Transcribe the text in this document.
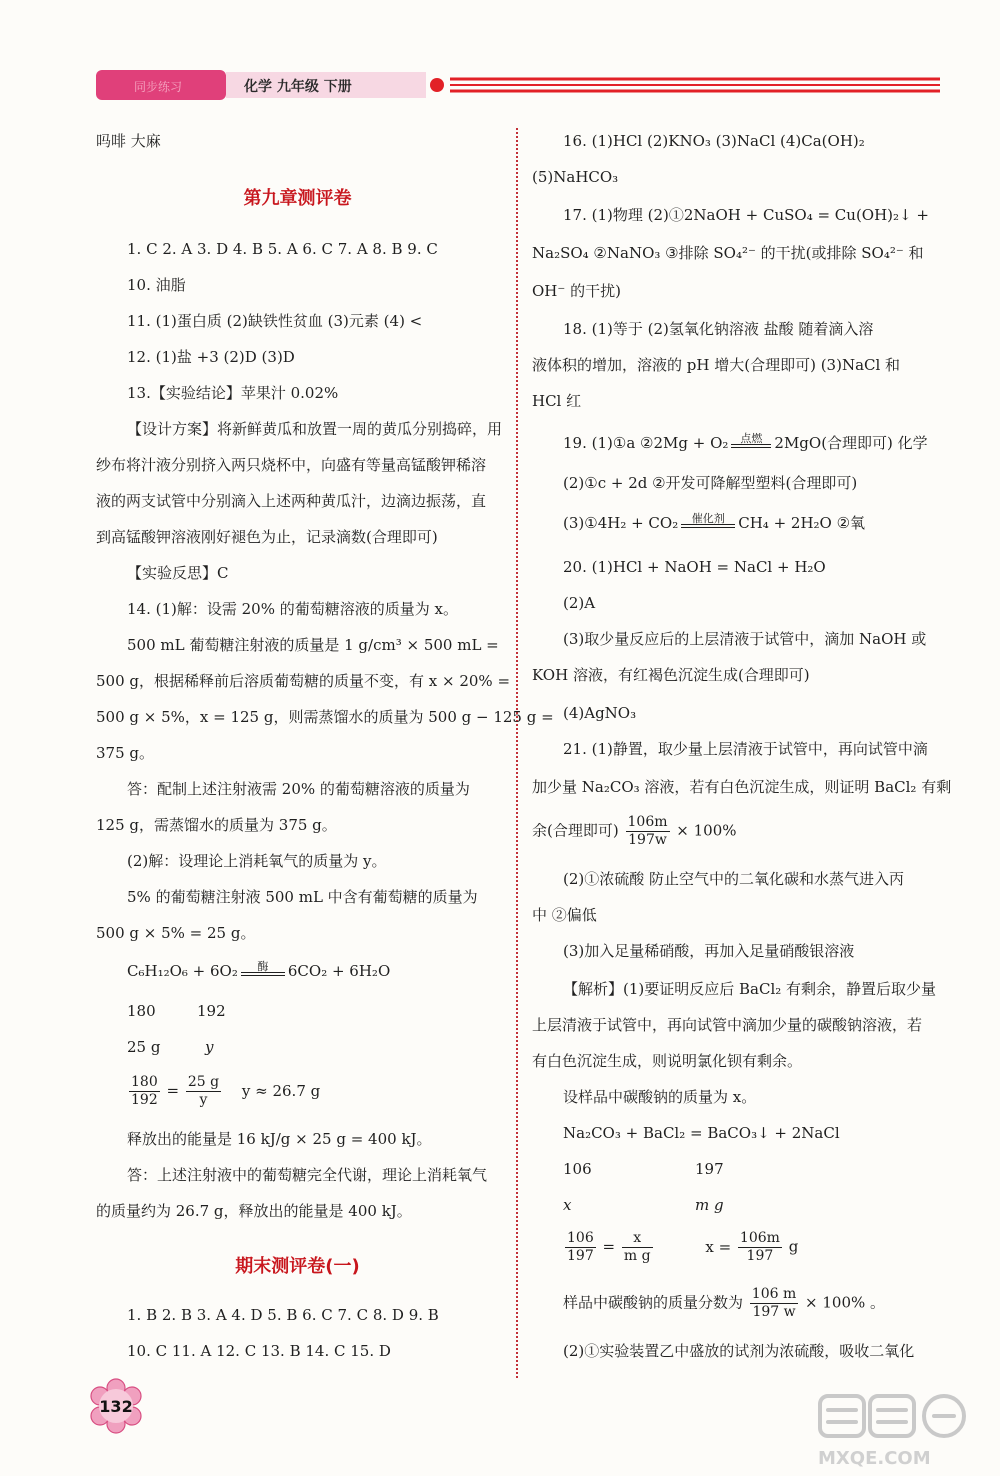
同步练习	化学 九年级 下册
吗啡 大麻
第九章测评卷
1. C 2. A 3. D 4. B 5. A 6. C 7. A 8. B 9. C
10. 油脂
11. (1)蛋白质 (2)缺铁性贫血 (3)元素 (4) <
12. (1)盐 +3 (2)D (3)D
13.【实验结论】苹果汁 0.02%
【设计方案】将新鲜黄瓜和放置一周的黄瓜分别捣碎，用
纱布将汁液分别挤入两只烧杯中，向盛有等量高锰酸钾稀溶
液的两支试管中分别滴入上述两种黄瓜汁，边滴边振荡，直
到高锰酸钾溶液刚好褪色为止，记录滴数(合理即可)
【实验反思】C
14. (1)解：设需 20% 的葡萄糖溶液的质量为 x。
500 mL 葡萄糖注射液的质量是 1 g/cm³ × 500 mL =
500 g，根据稀释前后溶质葡萄糖的质量不变，有 x × 20% =
500 g × 5%，x = 125 g，则需蒸馏水的质量为 500 g − 125 g =
375 g。
答：配制上述注射液需 20% 的葡萄糖溶液的质量为
125 g，需蒸馏水的质量为 375 g。
(2)解：设理论上消耗氧气的质量为 y。
5% 的葡萄糖注射液 500 mL 中含有葡萄糖的质量为
500 g × 5% = 25 g。
C₆H₁₂O₆ + 6O₂	酶	6CO₂ + 6H₂O
180	192
25 g	y
$\frac{180}{192} = \frac{25 g}{y}$ y ≈ 26.7 g
释放出的能量是 16 kJ/g × 25 g = 400 kJ。
答：上述注射液中的葡萄糖完全代谢，理论上消耗氧气
的质量约为 26.7 g，释放出的能量是 400 kJ。
期末测评卷(一)
1. B 2. B 3. A 4. D 5. B 6. C 7. C 8. D 9. B
10. C 11. A 12. C 13. B 14. C 15. D
16. (1)HCl (2)KNO₃ (3)NaCl (4)Ca(OH)₂
(5)NaHCO₃
17. (1)物理 (2)①2NaOH + CuSO₄ = Cu(OH)₂↓ +
Na₂SO₄ ②NaNO₃ ③排除 SO₄²⁻ 的干扰(或排除 SO₄²⁻ 和
OH⁻ 的干扰)
18. (1)等于 (2)氢氧化钠溶液 盐酸 随着滴入溶
液体积的增加，溶液的 pH 增大(合理即可) (3)NaCl 和
HCl 红
19. (1)①a ②2Mg + O₂	点燃 2MgO(合理即可) 化学
(2)①c + 2d ②开发可降解型塑料(合理即可)
(3)①4H₂ + CO₂	催化剂 CH₄ + 2H₂O ②氧
20. (1)HCl + NaOH = NaCl + H₂O
(2)A
(3)取少量反应后的上层清液于试管中，滴加 NaOH 或
KOH 溶液，有红褐色沉淀生成(合理即可)
(4)AgNO₃
21. (1)静置，取少量上层清液于试管中，再向试管中滴
加少量 Na₂CO₃ 溶液，若有白色沉淀生成，则证明 BaCl₂ 有剩
余(合理即可) $\frac{106m}{197w} \times 100\%$
(2)①浓硫酸 防止空气中的二氧化碳和水蒸气进入丙
中 ②偏低
(3)加入足量稀硝酸，再加入足量硝酸银溶液
【解析】(1)要证明反应后 BaCl₂ 有剩余，静置后取少量
上层清液于试管中，再向试管中滴加少量的碳酸钠溶液，若
有白色沉淀生成，则说明氯化钡有剩余。
设样品中碳酸钠的质量为 x。
Na₂CO₃ + BaCl₂ = BaCO₃↓ + 2NaCl
106	197
x	m g
$\frac{106}{197} = \frac{x}{\text{m g}}$	$x = \frac{106m}{197}$ g
样品中碳酸钠的质量分数为 $\frac{106 m}{197 w} \times 100\%$ 。
(2)①实验装置乙中盛放的试剂为浓硫酸，吸收二氧化
132
MXQE.COM
